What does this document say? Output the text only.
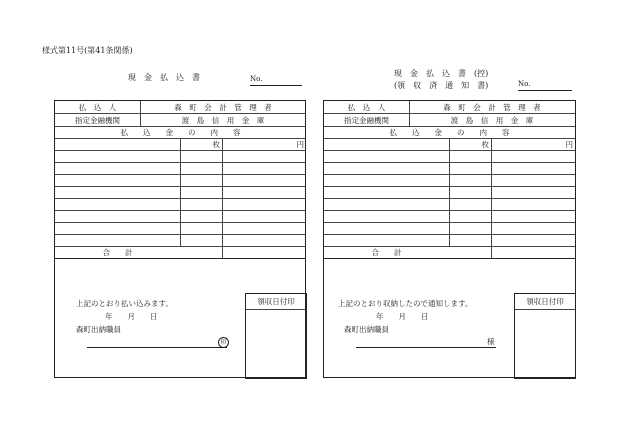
様式第11号(第41条関係)
現　金　払　込　書	No.
現　金　払　込　書　(控)
(領　収　済　通　知　書)	No.
払　込　人	森　町　会　計　管　理　者
指定金融機関	渡　島　信　用　金　庫
払　　込　　金　　の　　内　　容
枚	円
合　　計
上記のとおり払い込みます。
年　　月　　日
森町出納職員
印
領収日付印
払　込　人	森　町　会　計　管　理　者
指定金融機関	渡　島　信　用　金　庫
払　　込　　金　　の　　内　　容
枚	円
合　　計
上記のとおり収納したので通知します。
年　　月　　日
森町出納職員
様
領収日付印
